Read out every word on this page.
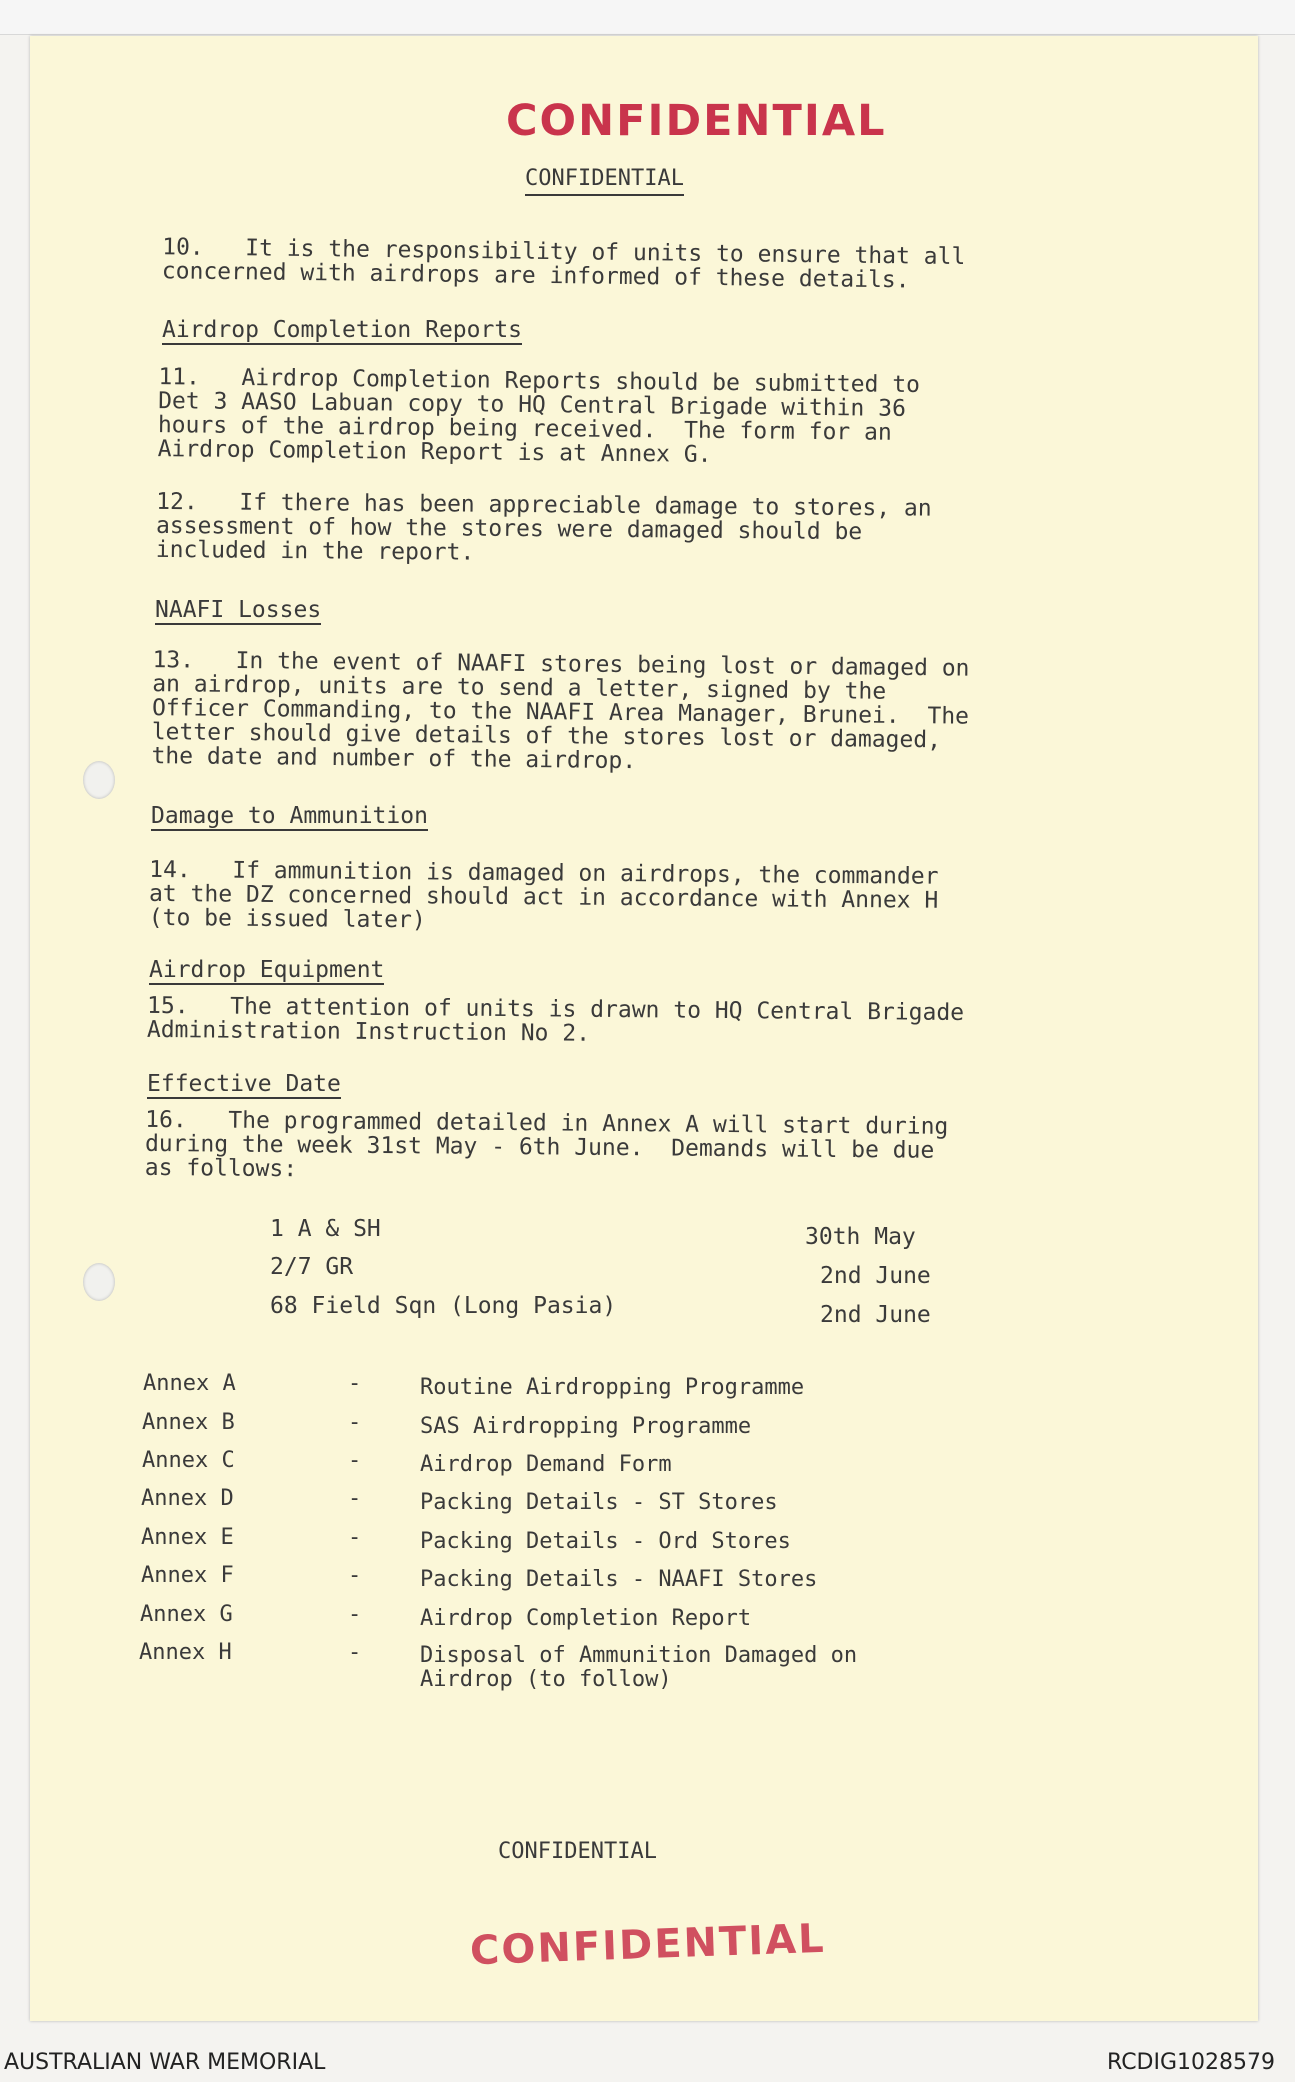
CONFIDENTIAL
CONFIDENTIAL
10.   It is the responsibility of units to ensure that all
concerned with airdrops are informed of these details.
Airdrop Completion Reports
11.   Airdrop Completion Reports should be submitted to
Det 3 AASO Labuan copy to HQ Central Brigade within 36
hours of the airdrop being received.  The form for an
Airdrop Completion Report is at Annex G.
12.   If there has been appreciable damage to stores, an
assessment of how the stores were damaged should be
included in the report.
NAAFI Losses
13.   In the event of NAAFI stores being lost or damaged on
an airdrop, units are to send a letter, signed by the
Officer Commanding, to the NAAFI Area Manager, Brunei.  The
letter should give details of the stores lost or damaged,
the date and number of the airdrop.
Damage to Ammunition
14.   If ammunition is damaged on airdrops, the commander
at the DZ concerned should act in accordance with Annex H
(to be issued later)
Airdrop Equipment
15.   The attention of units is drawn to HQ Central Brigade
Administration Instruction No 2.
Effective Date
16.   The programmed detailed in Annex A will start during
during the week 31st May - 6th June.  Demands will be due
as follows:
1 A & SH	30th May
2/7 GR	2nd June
68 Field Sqn (Long Pasia)	2nd June
Annex A	-	Routine Airdropping Programme
Annex B	-	SAS Airdropping Programme
Annex C	-	Airdrop Demand Form
Annex D	-	Packing Details - ST Stores
Annex E	-	Packing Details - Ord Stores
Annex F	-	Packing Details - NAAFI Stores
Annex G	-	Airdrop Completion Report
Annex H	-	Disposal of Ammunition Damaged on
Airdrop (to follow)
CONFIDENTIAL
CONFIDENTIAL
AUSTRALIAN WAR MEMORIAL	RCDIG1028579
